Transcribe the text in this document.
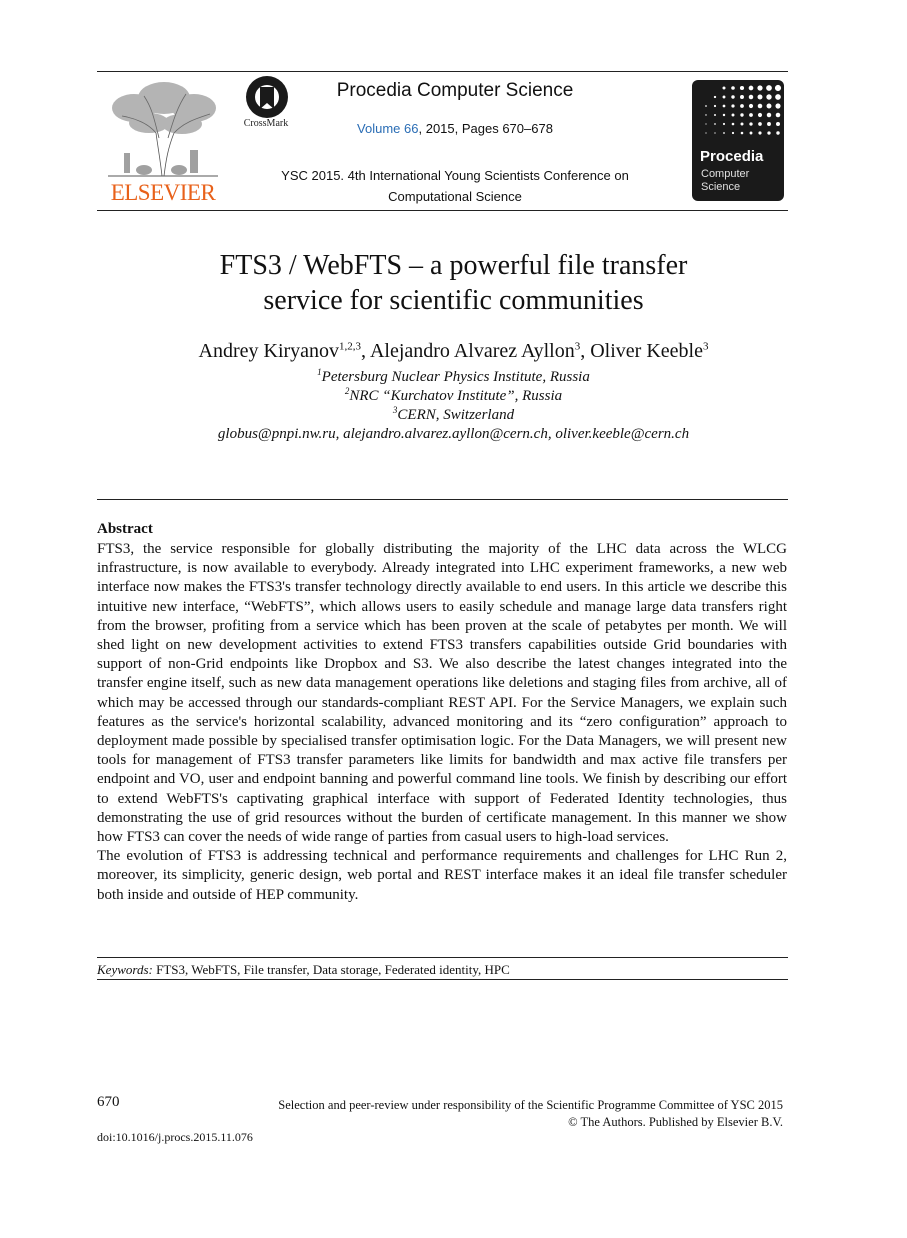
ELSEVIER
CrossMark
Procedia Computer Science
Volume 66, 2015, Pages 670–678
YSC 2015. 4th International Young Scientists Conference on
Computational Science
Procedia
Computer
Science
FTS3 / WebFTS – a powerful file transfer
service for scientific communities
Andrey Kiryanov$^{1,2,3}$, Alejandro Alvarez Ayllon$^3$, Oliver Keeble$^3$
$^1$Petersburg Nuclear Physics Institute, Russia
$^2$NRC “Kurchatov Institute”, Russia
$^3$CERN, Switzerland
globus@pnpi.nw.ru, alejandro.alvarez.ayllon@cern.ch, oliver.keeble@cern.ch
Abstract

FTS3, the service responsible for globally distributing the majority of the LHC data across the WLCG infrastructure, is now available to everybody. Already integrated into LHC experiment frameworks, a new web interface now makes the FTS3's transfer technology directly available to end users. In this article we describe this intuitive new interface, “WebFTS”, which allows users to easily schedule and manage large data transfers right from the browser, profiting from a service which has been proven at the scale of petabytes per month. We will shed light on new development activities to extend FTS3 transfers capabilities outside Grid boundaries with support of non-Grid endpoints like Dropbox and S3. We also describe the latest changes integrated into the transfer engine itself, such as new data management operations like deletions and staging files from archive, all of which may be accessed through our standards-compliant REST API. For the Service Managers, we explain such features as the service's horizontal scalability, advanced monitoring and its “zero configuration” approach to deployment made possible by specialised transfer optimisation logic. For the Data Managers, we will present new tools for management of FTS3 transfer parameters like limits for bandwidth and max active file transfers per endpoint and VO, user and endpoint banning and powerful command line tools. We finish by describing our effort to extend WebFTS's captivating graphical interface with support of Federated Identity technologies, thus demonstrating the use of grid resources without the burden of certificate management. In this manner we show how FTS3 can cover the needs of wide range of parties from casual users to high-load services.

The evolution of FTS3 is addressing technical and performance requirements and challenges for LHC Run 2, moreover, its simplicity, generic design, web portal and REST interface makes it an ideal file transfer scheduler both inside and outside of HEP community.

Keywords: FTS3, WebFTS, File transfer, Data storage, Federated identity, HPC
670	Selection and peer-review under responsibility of the Scientific Programme Committee of YSC 2015
© The Authors. Published by Elsevier B.V.
doi:10.1016/j.procs.2015.11.076
